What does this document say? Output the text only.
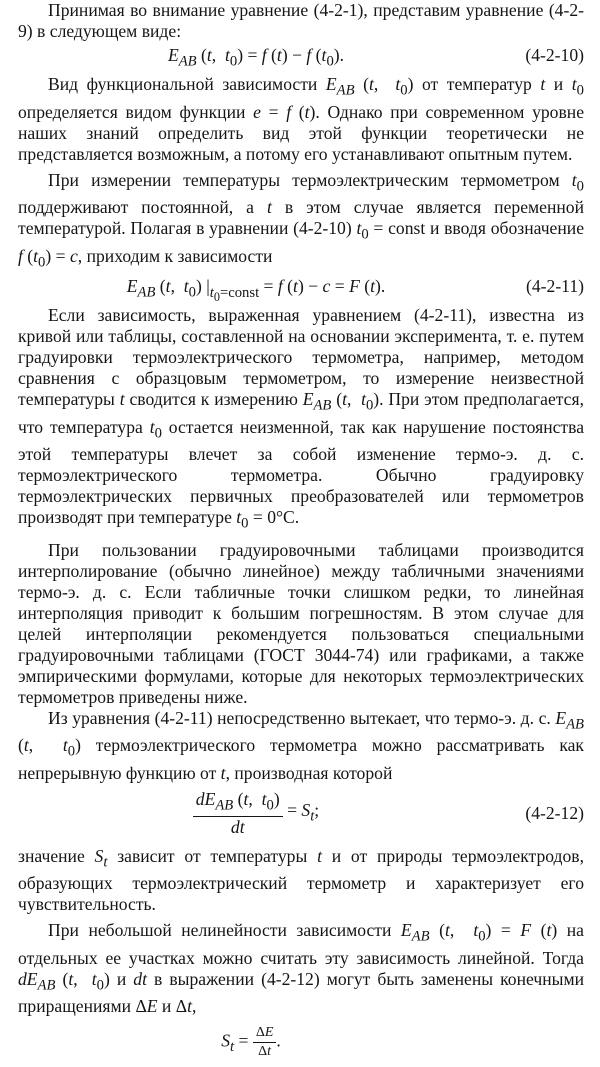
Принимая во внимание уравнение (4-2-1), представим уравнение (4-2-9) в следующем виде:

$E_{AB}$ (t,  $t_0) = f$ (t) − f $(t_0)$.	(4-2-10)

Вид функциональной зависимости $E_{AB}$ (t,  $t_0$) от температур t и $t_0$ определяется видом функции e = f (t). Однако при современном уровне наших знаний определить вид этой функции теоретически не представляется возможным, а потому его устанавливают опытным путем.

При измерении температуры термоэлектрическим термометром $t_0$ поддерживают постоянной, а t в этом случае является переменной температурой. Полагая в уравнении (4-2-10) $t_0$ = const и вводя обозначение f $(t_0) = c$, приходим к зависимости

$E_{AB}$ (t,  $t_0$) $|_{t_0=const} = f$ (t) − c = F (t).	(4-2-11)

Если зависимость, выраженная уравнением (4-2-11), известна из кривой или таблицы, составленной на основании эксперимента, т. е. путем градуировки термоэлектрического термометра, например, методом сравнения с образцовым термометром, то измерение неизвестной температуры t сводится к измерению $E_{AB}$ (t,  $t_0$). При этом предполагается, что температура $t_0$ остается неизменной, так как нарушение постоянства этой температуры влечет за собой изменение термо-э. д. с. термоэлектрического термометра. Обычно градуировку термоэлектрических первичных преобразователей или термометров производят при температуре $t_0 = 0^\circ С$.

При пользовании градуировочными таблицами производится интерполирование (обычно линейное) между табличными значениями термо-э. д. с. Если табличные точки слишком редки, то линейная интерполяция приводит к большим погрешностям. В этом случае для целей интерполяции рекомендуется пользоваться специальными градуировочными таблицами (ГОСТ 3044-74) или графиками, а также эмпирическими формулами, которые для некоторых термоэлектрических термометров приведены ниже.

Из уравнения (4-2-11) непосредственно вытекает, что термо-э. д. с. $E_{AB}$ (t,  $t_0$) термоэлектрического термометра можно рассматривать как непрерывную функцию от t, производная которой

$\frac{dE_{AB} (t, t_0)}{dt} = S_t$;	(4-2-12)

значение $S_t$ зависит от температуры t и от природы термоэлектродов, образующих термоэлектрический термометр и характеризует его чувствительность.

При небольшой нелинейности зависимости $E_{AB}$ (t,  $t_0) = F$ (t) на отдельных ее участках можно считать эту зависимость линейной. Тогда $dE_{AB}$ (t,  $t_0$) и dt в выражении (4-2-12) могут быть заменены конечными приращениями ΔE и Δt,

$S_t = \frac{\Delta E}{\Delta t}$ .
